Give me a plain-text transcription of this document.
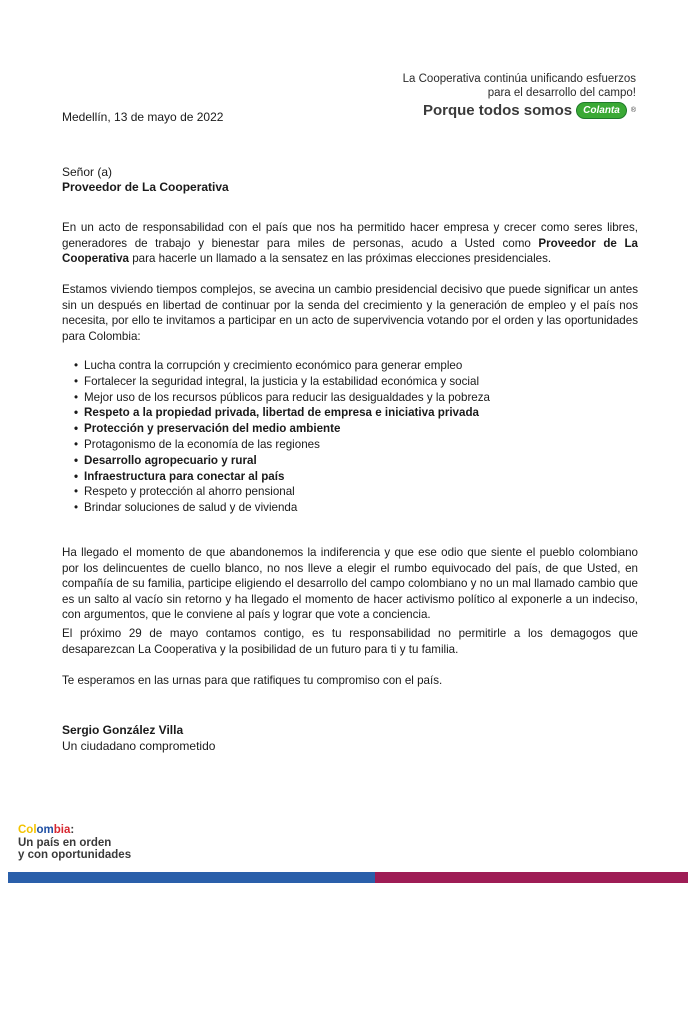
La Cooperativa continúa unificando esfuerzos
para el desarrollo del campo!
Porque todos somos	Colanta	®
Medellín, 13 de mayo de 2022
Señor (a)
Proveedor de La Cooperativa
En un acto de responsabilidad con el país que nos ha permitido hacer empresa y crecer como seres libres, generadores de trabajo y bienestar para miles de personas, acudo a Usted como Proveedor de La Cooperativa para hacerle un llamado a la sensatez en las próximas elecciones presidenciales.
Estamos viviendo tiempos complejos, se avecina un cambio presidencial decisivo que puede significar un antes sin un después en libertad de continuar por la senda del crecimiento y la generación de empleo y el país nos necesita, por ello te invitamos a participar en un acto de supervivencia votando por el orden y las oportunidades para Colombia:
• Lucha contra la corrupción y crecimiento económico para generar empleo
• Fortalecer la seguridad integral, la justicia y la estabilidad económica y social
• Mejor uso de los recursos públicos para reducir las desigualdades y la pobreza
• Respeto a la propiedad privada, libertad de empresa e iniciativa privada
• Protección y preservación del medio ambiente
• Protagonismo de la economía de las regiones
• Desarrollo agropecuario y rural
• Infraestructura para conectar al país
• Respeto y protección al ahorro pensional
• Brindar soluciones de salud y de vivienda
Ha llegado el momento de que abandonemos la indiferencia y que ese odio que siente el pueblo colombiano por los delincuentes de cuello blanco, no nos lleve a elegir el rumbo equivocado del país, de que Usted, en compañía de su familia, participe eligiendo el desarrollo del campo colombiano y no un mal llamado cambio que es un salto al vacío sin retorno y ha llegado el momento de hacer activismo político al exponerle a un indeciso, con argumentos, que le conviene al país y lograr que vote a conciencia.
El próximo 29 de mayo contamos contigo, es tu responsabilidad no permitirle a los demagogos que desaparezcan La Cooperativa y la posibilidad de un futuro para ti y tu familia.
Te esperamos en las urnas para que ratifiques tu compromiso con el país.
Sergio González Villa
Un ciudadano comprometido
Colombia:
Un país en orden
y con oportunidades
